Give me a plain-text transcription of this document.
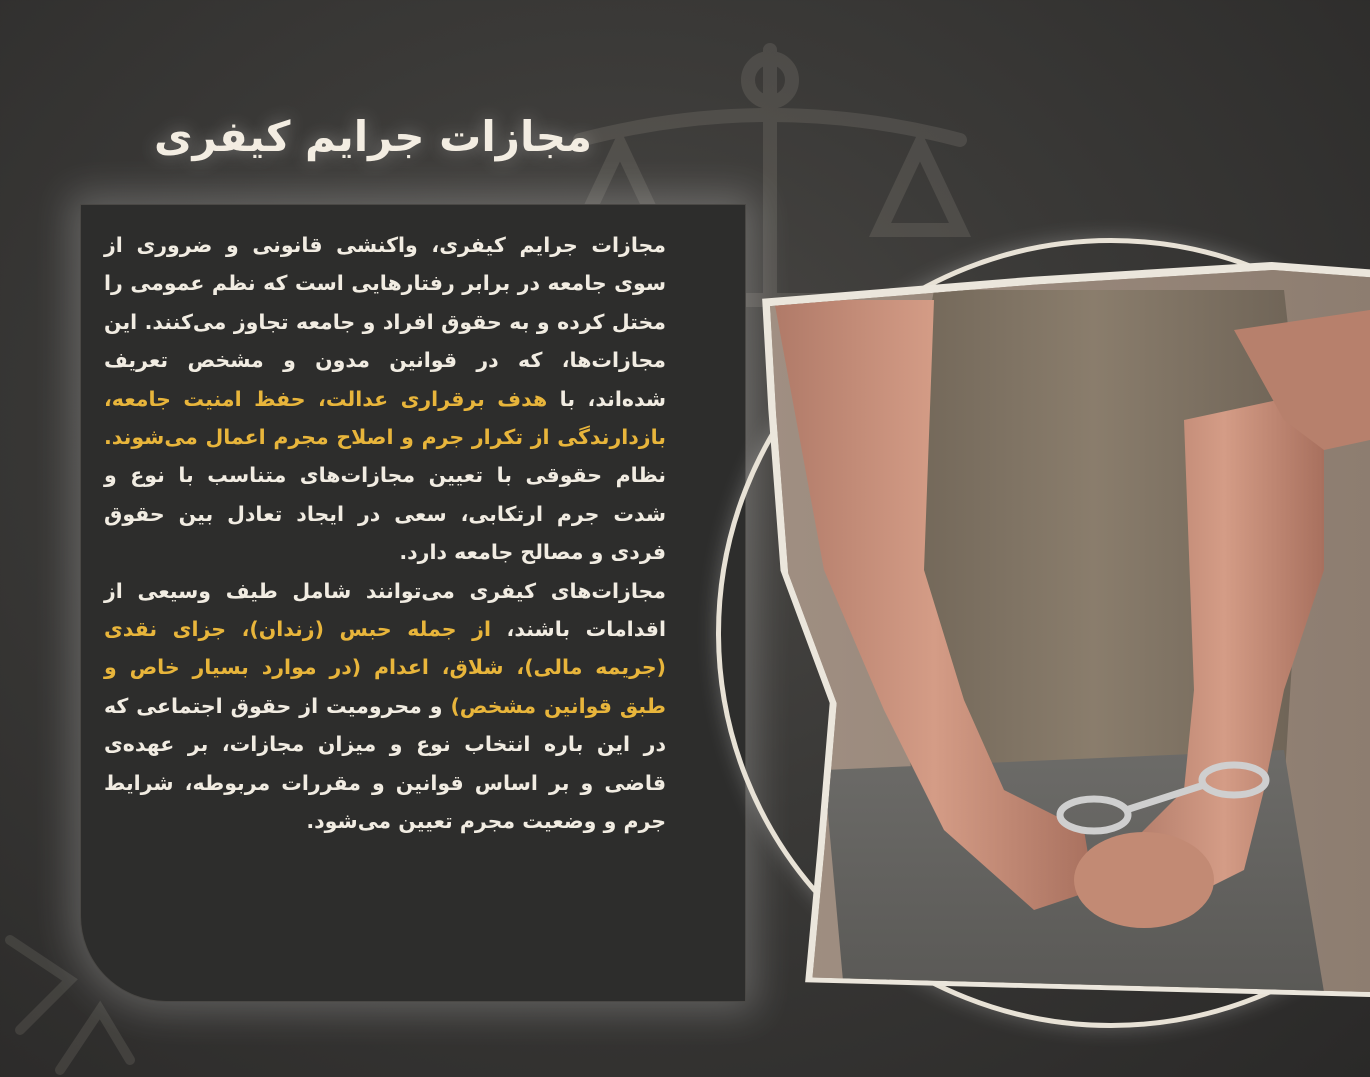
مجازات جرایم کیفری

مجازات جرایم کیفری، واکنشی قانونی و ضروری از سوی جامعه در برابر رفتارهایی است که نظم عمومی را مختل کرده و به حقوق افراد و جامعه تجاوز می‌کنند. این مجازات‌ها، که در قوانین مدون و مشخص تعریف شده‌اند، با هدف برقراری عدالت، حفظ امنیت جامعه، بازدارندگی از تکرار جرم و اصلاح مجرم اعمال می‌شوند. نظام حقوقی با تعیین مجازات‌های متناسب با نوع و شدت جرم ارتکابی، سعی در ایجاد تعادل بین حقوق فردی و مصالح جامعه دارد.

مجازات‌های کیفری می‌توانند شامل طیف وسیعی از اقدامات باشند، از جمله حبس (زندان)، جزای نقدی (جریمه مالی)، شلاق، اعدام (در موارد بسیار خاص و طبق قوانین مشخص) و محرومیت از حقوق اجتماعی که در این باره انتخاب نوع و میزان مجازات، بر عهده‌ی قاضی و بر اساس قوانین و مقررات مربوطه، شرایط جرم و وضعیت مجرم تعیین می‌شود.
